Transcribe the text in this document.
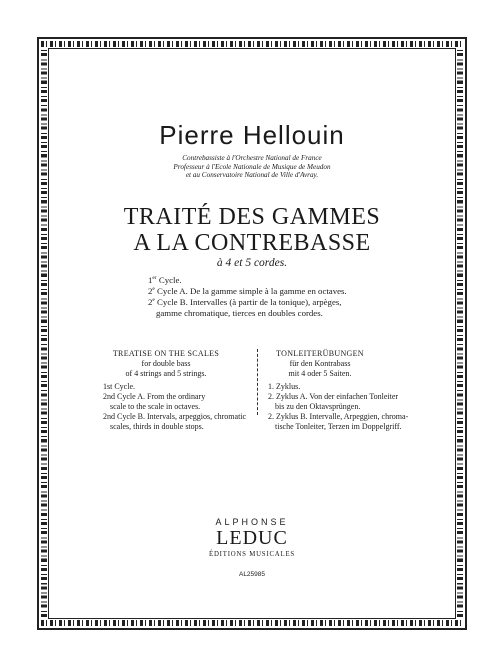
Pierre Hellouin
Contrebassiste à l'Orchestre National de France
Professeur à l'Ecole Nationale de Musique de Meudon
et au Conservatoire National de Ville d'Avray.
TRAITÉ DES GAMMES
A LA CONTREBASSE
à 4 et 5 cordes.
1er Cycle.
2e Cycle A. De la gamme simple à la gamme en octaves.
2e Cycle B. Intervalles (à partir de la tonique), arpèges,
gamme chromatique, tierces en doubles cordes.
TREATISE ON THE SCALES
for double bass
of 4 strings and 5 strings.
1st Cycle.
2nd Cycle A. From the ordinary
scale to the scale in octaves.
2nd Cycle B. Intervals, arpeggios, chromatic
scales, thirds in double stops.
TONLEITERÜBUNGEN
für den Kontrabass
mit 4 oder 5 Saiten.
1. Zyklus.
2. Zyklus A. Von der einfachen Tonleiter
bis zu den Oktavsprüngen.
2. Zyklus B. Intervalle, Arpeggien, chroma-
tische Tonleiter, Terzen im Doppelgriff.
ALPHONSE
LEDUC
ÉDITIONS MUSICALES
AL25985
